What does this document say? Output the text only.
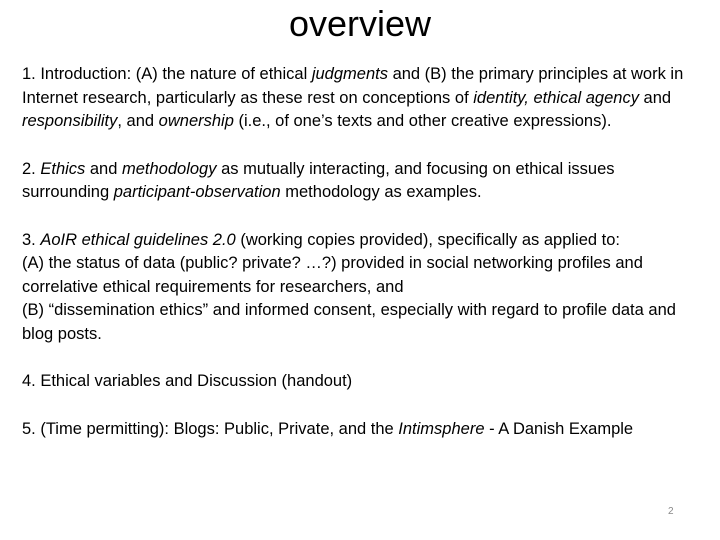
overview

1. Introduction: (A) the nature of ethical judgments and (B) the primary principles at work in Internet research, particularly as these rest on conceptions of identity, ethical agency and responsibility, and ownership (i.e., of one’s texts and other creative expressions).

2. Ethics and methodology as mutually interacting, and focusing on ethical issues surrounding participant-observation methodology as examples.

3. AoIR ethical guidelines 2.0 (working copies provided), specifically as applied to:

(A) the status of data (public? private? …?) provided in social networking profiles and correlative ethical requirements for researchers, and

(B) “dissemination ethics” and informed consent, especially with regard to profile data and blog posts.

4. Ethical variables and Discussion (handout)

5. (Time permitting): Blogs: Public, Private, and the Intimsphere - A Danish Example

2
